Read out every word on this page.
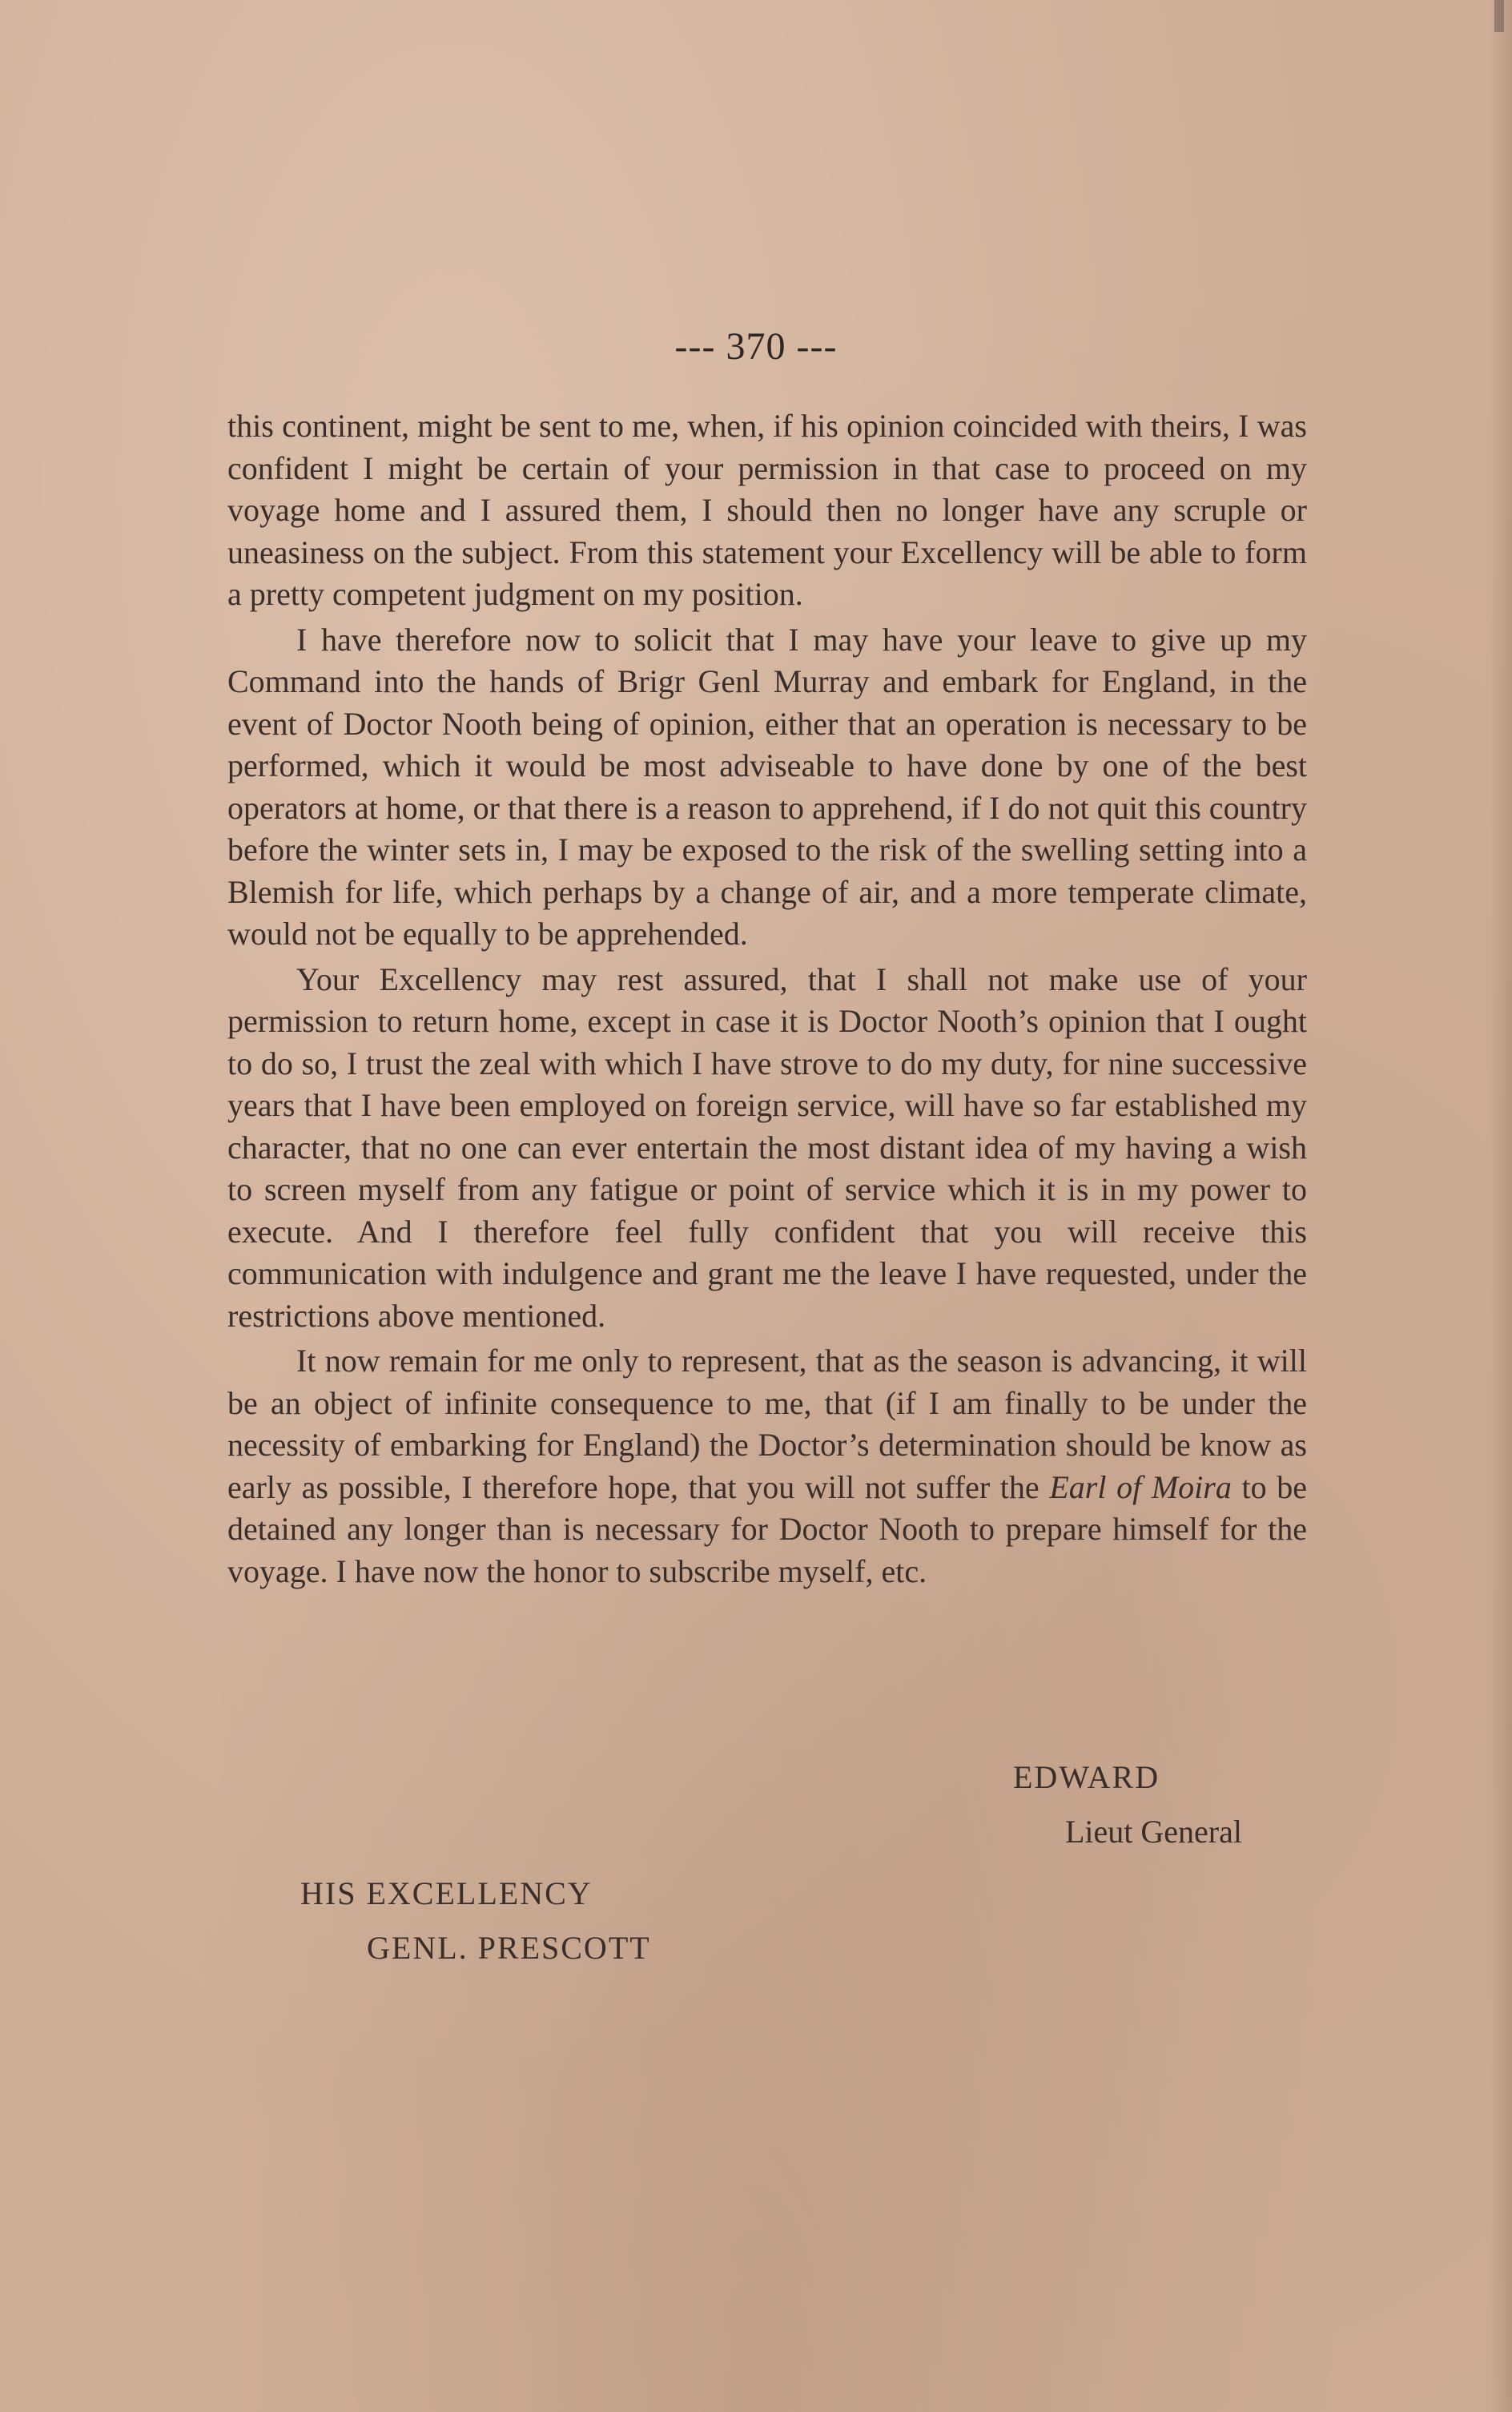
--- 370 ---

this continent, might be sent to me, when, if his opinion coincided with theirs, I was confident I might be certain of your permission in that case to proceed on my voyage home and I assured them, I should then no longer have any scruple or uneasiness on the subject. From this statement your Excellency will be able to form a pretty competent judgment on my position.

I have therefore now to solicit that I may have your leave to give up my Command into the hands of Brigr Genl Murray and embark for England, in the event of Doctor Nooth being of opinion, either that an operation is necessary to be performed, which it would be most adviseable to have done by one of the best operators at home, or that there is a reason to apprehend, if I do not quit this country before the winter sets in, I may be exposed to the risk of the swelling setting into a Blemish for life, which perhaps by a change of air, and a more temperate climate, would not be equally to be apprehended.

Your Excellency may rest assured, that I shall not make use of your permission to return home, except in case it is Doctor Nooth’s opinion that I ought to do so, I trust the zeal with which I have strove to do my duty, for nine successive years that I have been employed on foreign service, will have so far established my character, that no one can ever entertain the most distant idea of my having a wish to screen myself from any fatigue or point of service which it is in my power to execute. And I therefore feel fully confident that you will receive this communication with indulgence and grant me the leave I have requested, under the restrictions above mentioned.

It now remain for me only to represent, that as the season is advancing, it will be an object of infinite consequence to me, that (if I am finally to be under the necessity of embarking for England) the Doctor’s determination should be know as early as possible, I therefore hope, that you will not suffer the Earl of Moira to be detained any longer than is necessary for Doctor Nooth to prepare himself for the voyage. I have now the honor to subscribe myself, etc.

EDWARD
Lieut General
HIS EXCELLENCY
GENL. PRESCOTT
